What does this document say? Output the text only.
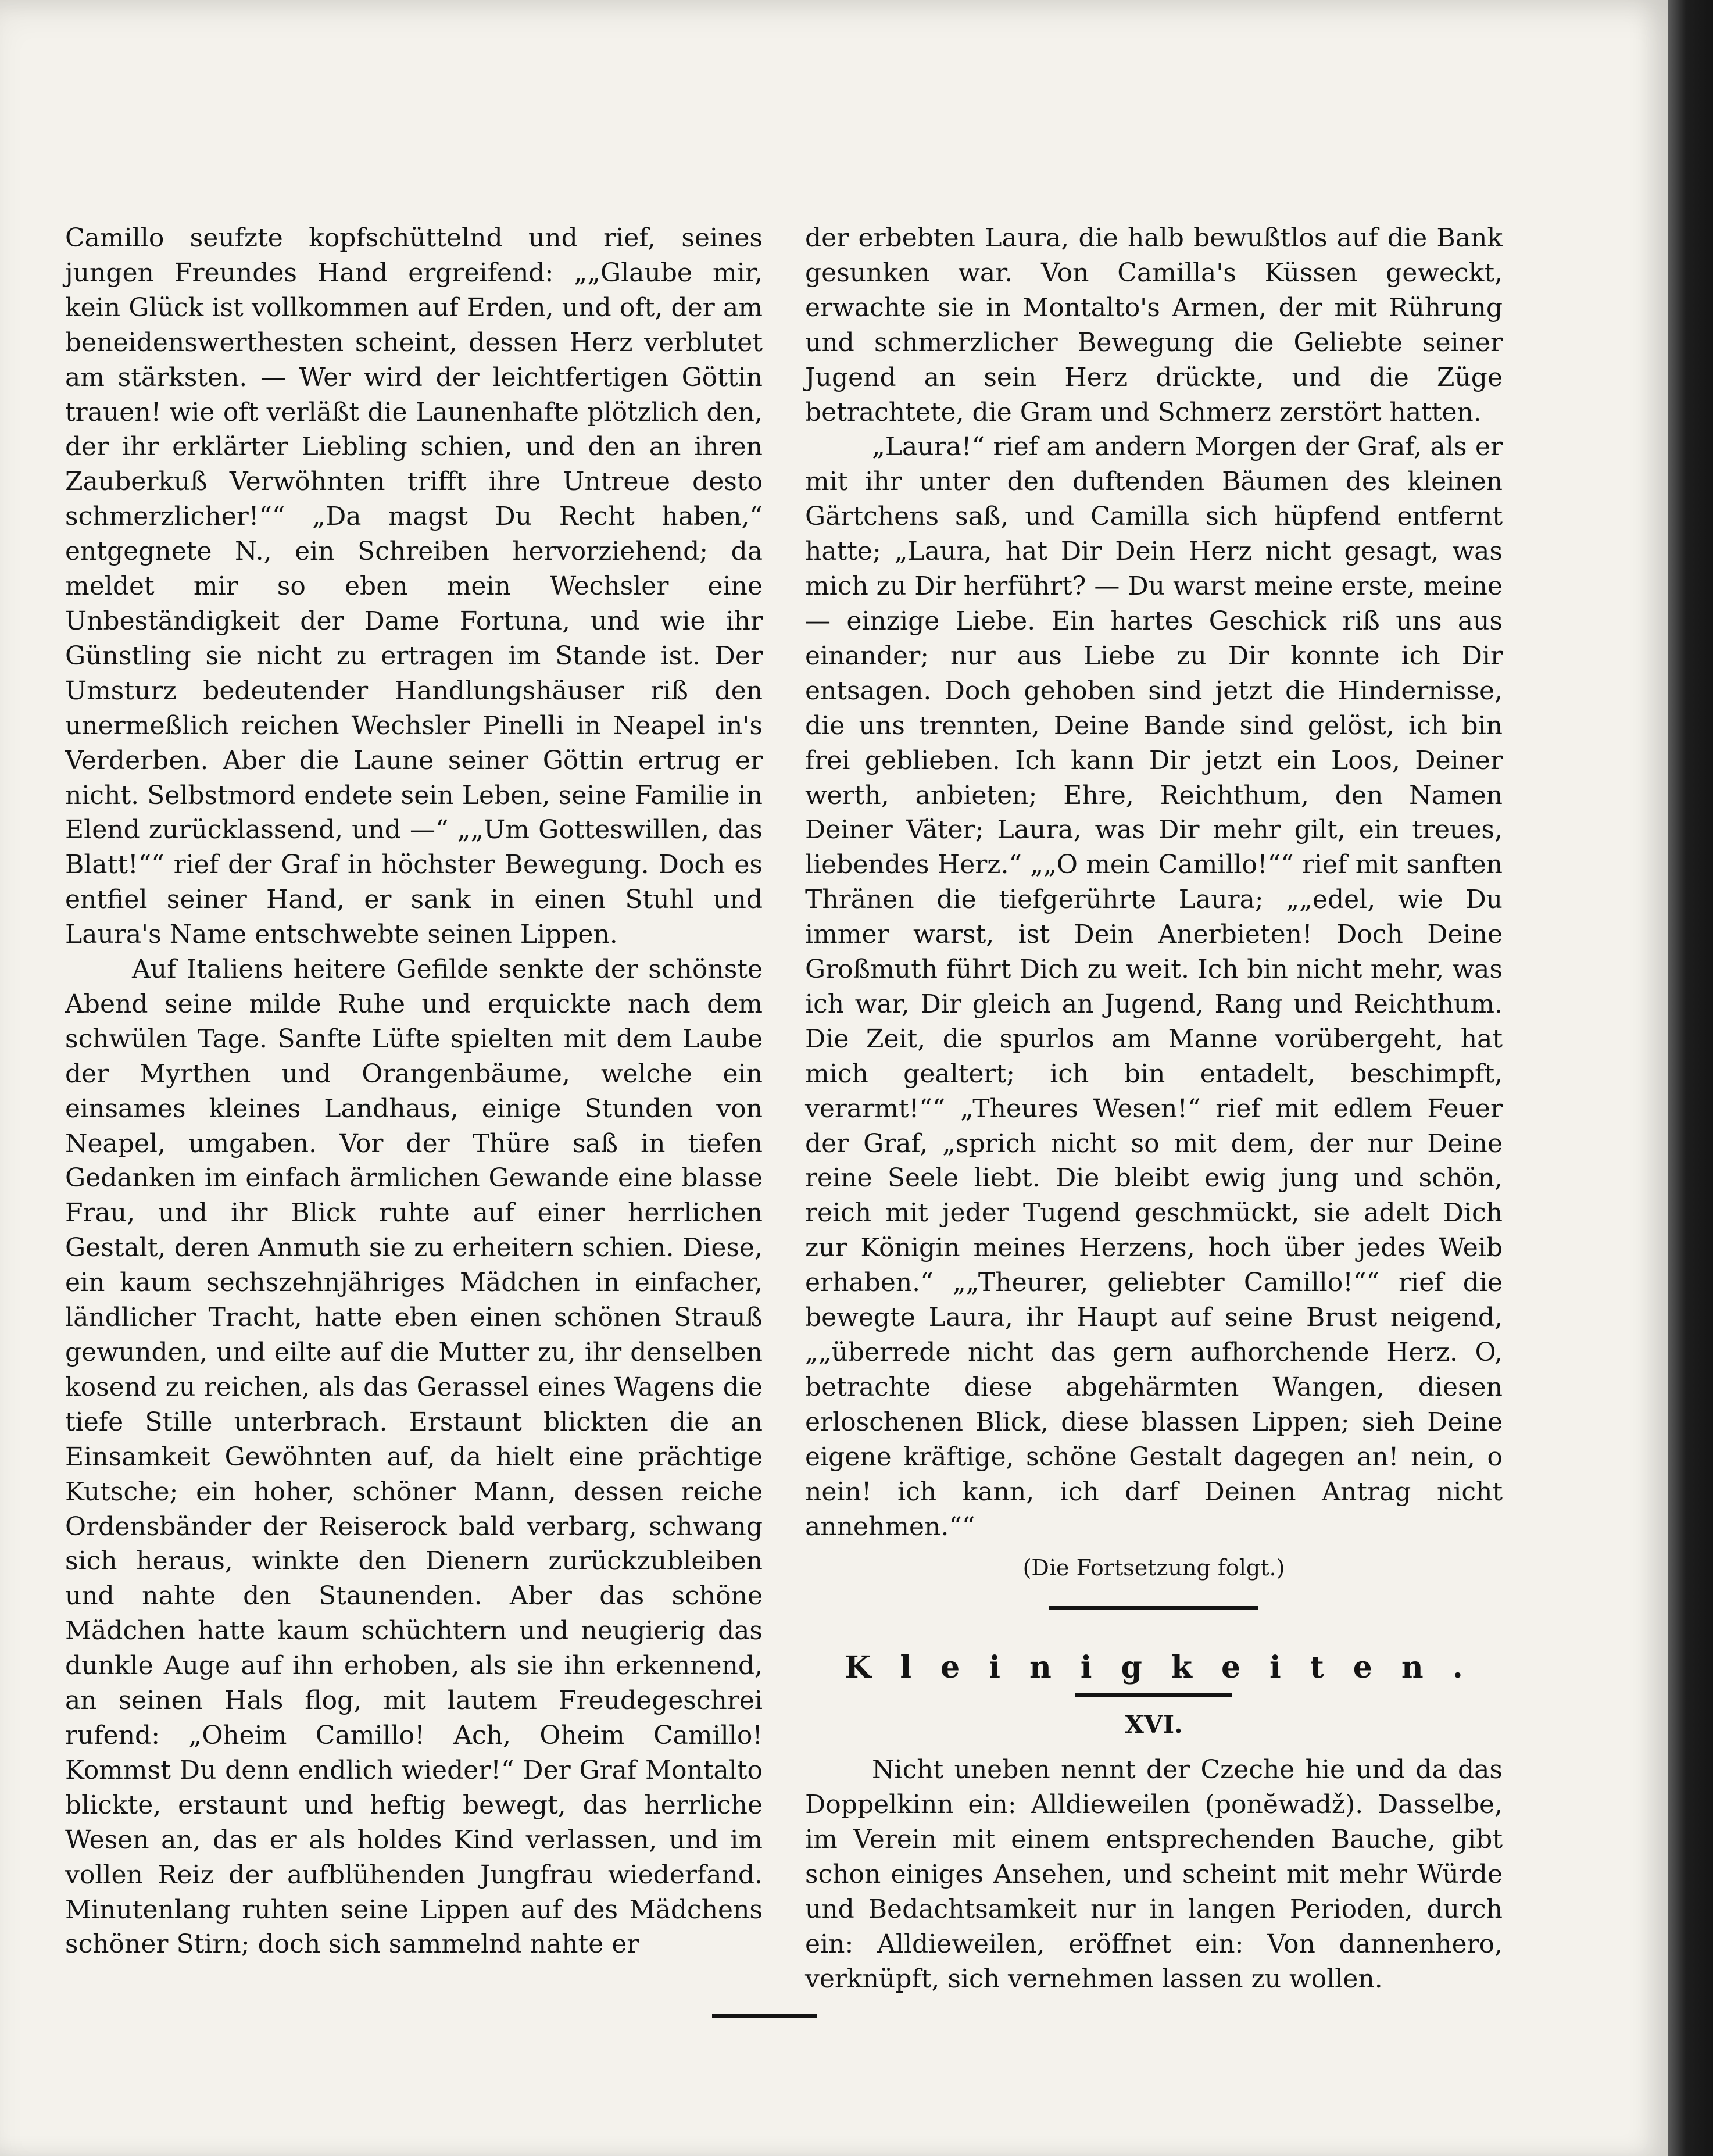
Camillo seufzte kopfschüttelnd und rief, seines jungen Freundes Hand ergreifend: „„Glaube mir, kein Glück ist vollkommen auf Erden, und oft, der am beneidenswerthesten scheint, dessen Herz verblutet am stärksten. — Wer wird der leichtfertigen Göttin trauen! wie oft verläßt die Launenhafte plötzlich den, der ihr erklärter Liebling schien, und den an ihren Zauberkuß Verwöhnten trifft ihre Untreue desto schmerzlicher!““ „Da magst Du Recht haben,“ entgegnete N., ein Schreiben hervorziehend; da meldet mir so eben mein Wechsler eine Unbeständigkeit der Dame Fortuna, und wie ihr Günstling sie nicht zu ertragen im Stande ist. Der Umsturz bedeutender Handlungshäuser riß den unermeßlich reichen Wechsler Pinelli in Neapel in's Verderben. Aber die Laune seiner Göttin ertrug er nicht. Selbstmord endete sein Leben, seine Familie in Elend zurücklassend, und —“ „„Um Gotteswillen, das Blatt!““ rief der Graf in höchster Bewegung. Doch es entfiel seiner Hand, er sank in einen Stuhl und Laura's Name entschwebte seinen Lippen.

Auf Italiens heitere Gefilde senkte der schönste Abend seine milde Ruhe und erquickte nach dem schwülen Tage. Sanfte Lüfte spielten mit dem Laube der Myrthen und Orangenbäume, welche ein einsames kleines Landhaus, einige Stunden von Neapel, umgaben. Vor der Thüre saß in tiefen Gedanken im einfach ärmlichen Gewande eine blasse Frau, und ihr Blick ruhte auf einer herrlichen Gestalt, deren Anmuth sie zu erheitern schien. Diese, ein kaum sechszehnjähriges Mädchen in einfacher, ländlicher Tracht, hatte eben einen schönen Strauß gewunden, und eilte auf die Mutter zu, ihr denselben kosend zu reichen, als das Gerassel eines Wagens die tiefe Stille unterbrach. Erstaunt blickten die an Einsamkeit Gewöhnten auf, da hielt eine prächtige Kutsche; ein hoher, schöner Mann, dessen reiche Ordensbänder der Reiserock bald verbarg, schwang sich heraus, winkte den Dienern zurückzubleiben und nahte den Staunenden. Aber das schöne Mädchen hatte kaum schüchtern und neugierig das dunkle Auge auf ihn erhoben, als sie ihn erkennend, an seinen Hals flog, mit lautem Freudegeschrei rufend: „Oheim Camillo! Ach, Oheim Camillo! Kommst Du denn endlich wieder!“ Der Graf Montalto blickte, erstaunt und heftig bewegt, das herrliche Wesen an, das er als holdes Kind verlassen, und im vollen Reiz der aufblühenden Jungfrau wiederfand. Minutenlang ruhten seine Lippen auf des Mädchens schöner Stirn; doch sich sammelnd nahte er

der erbebten Laura, die halb bewußtlos auf die Bank gesunken war. Von Camilla's Küssen geweckt, erwachte sie in Montalto's Armen, der mit Rührung und schmerzlicher Bewegung die Geliebte seiner Jugend an sein Herz drückte, und die Züge betrachtete, die Gram und Schmerz zerstört hatten.

„Laura!“ rief am andern Morgen der Graf, als er mit ihr unter den duftenden Bäumen des kleinen Gärtchens saß, und Camilla sich hüpfend entfernt hatte; „Laura, hat Dir Dein Herz nicht gesagt, was mich zu Dir herführt? — Du warst meine erste, meine — einzige Liebe. Ein hartes Geschick riß uns aus einander; nur aus Liebe zu Dir konnte ich Dir entsagen. Doch gehoben sind jetzt die Hindernisse, die uns trennten, Deine Bande sind gelöst, ich bin frei geblieben. Ich kann Dir jetzt ein Loos, Deiner werth, anbieten; Ehre, Reichthum, den Namen Deiner Väter; Laura, was Dir mehr gilt, ein treues, liebendes Herz.“ „„O mein Camillo!““ rief mit sanften Thränen die tiefgerührte Laura; „„edel, wie Du immer warst, ist Dein Anerbieten! Doch Deine Großmuth führt Dich zu weit. Ich bin nicht mehr, was ich war, Dir gleich an Jugend, Rang und Reichthum. Die Zeit, die spurlos am Manne vorübergeht, hat mich gealtert; ich bin entadelt, beschimpft, verarmt!““ „Theures Wesen!“ rief mit edlem Feuer der Graf, „sprich nicht so mit dem, der nur Deine reine Seele liebt. Die bleibt ewig jung und schön, reich mit jeder Tugend geschmückt, sie adelt Dich zur Königin meines Herzens, hoch über jedes Weib erhaben.“ „„Theurer, geliebter Camillo!““ rief die bewegte Laura, ihr Haupt auf seine Brust neigend, „„überrede nicht das gern aufhorchende Herz. O, betrachte diese abgehärmten Wangen, diesen erloschenen Blick, diese blassen Lippen; sieh Deine eigene kräftige, schöne Gestalt dagegen an! nein, o nein! ich kann, ich darf Deinen Antrag nicht annehmen.““

(Die Fortsetzung folgt.)
Kleinigkeiten.
XVI.

Nicht uneben nennt der Czeche hie und da das Doppelkinn ein: Alldieweilen (ponĕwadž). Dasselbe, im Verein mit einem entsprechenden Bauche, gibt schon einiges Ansehen, und scheint mit mehr Würde und Bedachtsamkeit nur in langen Perioden, durch ein: Alldieweilen, eröffnet ein: Von dannenhero, verknüpft, sich vernehmen lassen zu wollen.
